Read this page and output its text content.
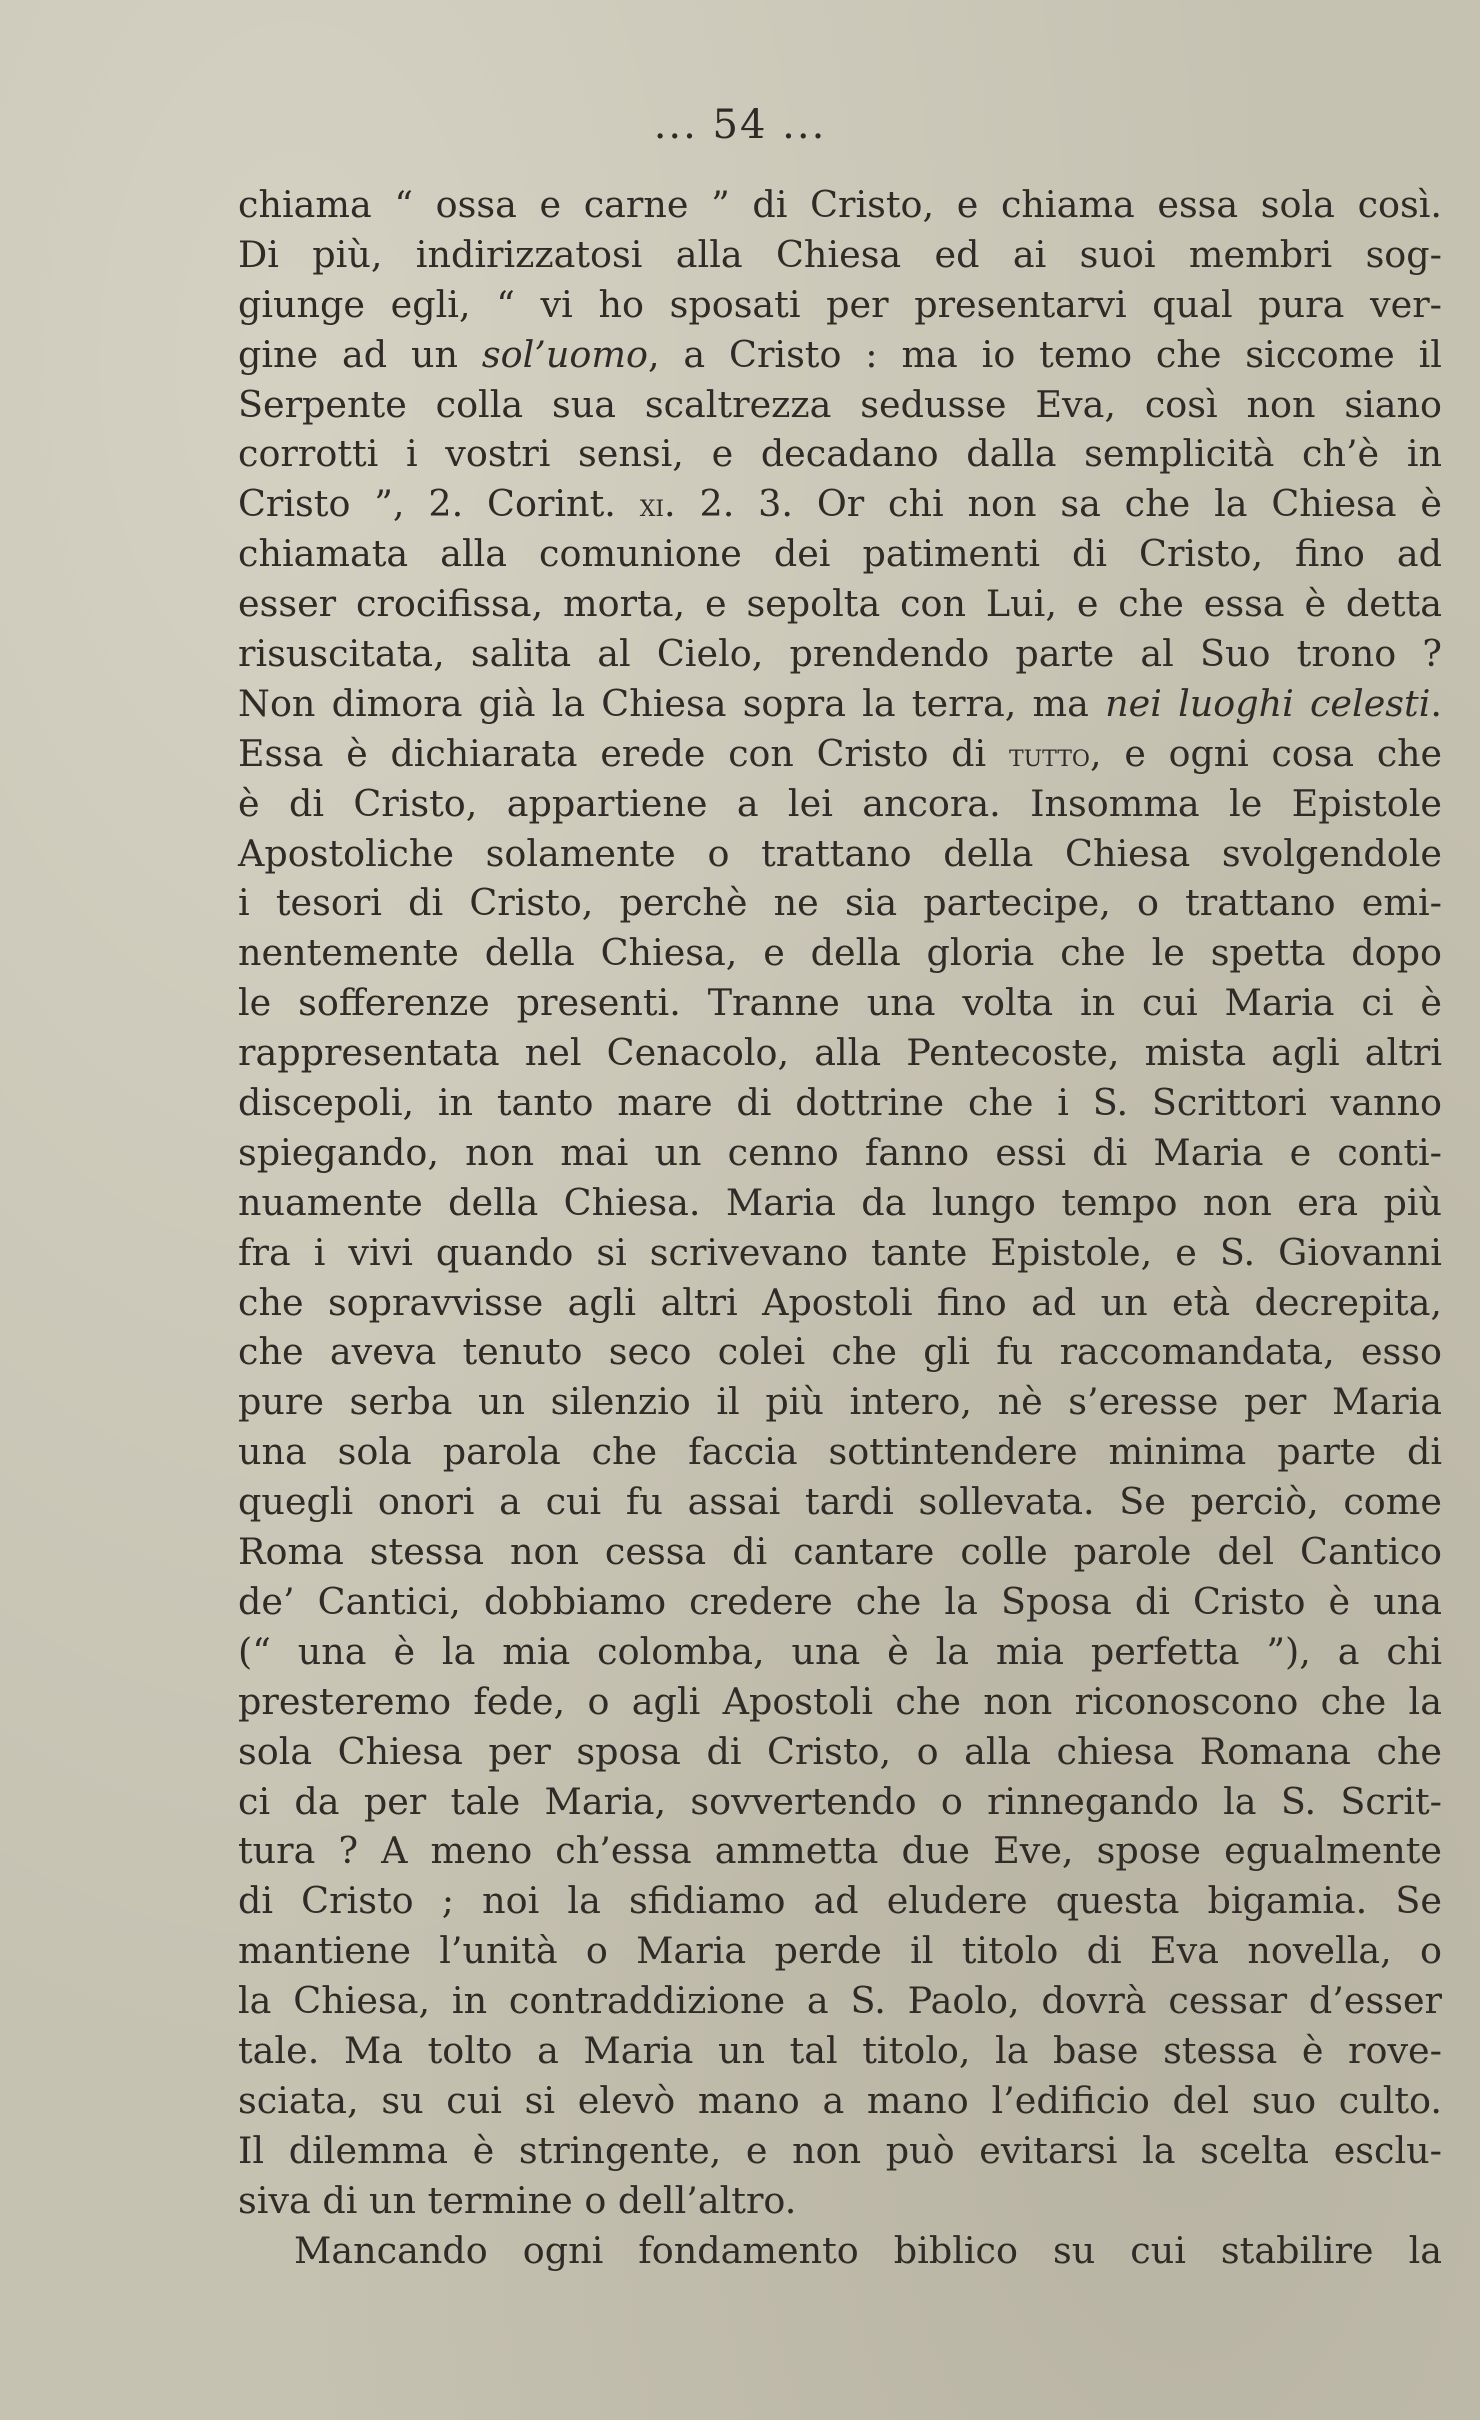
... 54 ...
chiama “ ossa e carne ” di Cristo, e chiama essa sola così.
Di più, indirizzatosi alla Chiesa ed ai suoi membri sog-
giunge egli, “ vi ho sposati per presentarvi qual pura ver-
gine ad un sol’uomo, a Cristo : ma io temo che siccome il
Serpente colla sua scaltrezza sedusse Eva, così non siano
corrotti i vostri sensi, e decadano dalla semplicità ch’è in
Cristo ”, 2. Corint. xi. 2. 3. Or chi non sa che la Chiesa è
chiamata alla comunione dei patimenti di Cristo, fino ad
esser crocifissa, morta, e sepolta con Lui, e che essa è detta
risuscitata, salita al Cielo, prendendo parte al Suo trono ?
Non dimora già la Chiesa sopra la terra, ma nei luoghi celesti.
Essa è dichiarata erede con Cristo di tutto, e ogni cosa che
è di Cristo, appartiene a lei ancora. Insomma le Epistole
Apostoliche solamente o trattano della Chiesa svolgendole
i tesori di Cristo, perchè ne sia partecipe, o trattano emi-
nentemente della Chiesa, e della gloria che le spetta dopo
le sofferenze presenti. Tranne una volta in cui Maria ci è
rappresentata nel Cenacolo, alla Pentecoste, mista agli altri
discepoli, in tanto mare di dottrine che i S. Scrittori vanno
spiegando, non mai un cenno fanno essi di Maria e conti-
nuamente della Chiesa. Maria da lungo tempo non era più
fra i vivi quando si scrivevano tante Epistole, e S. Giovanni
che sopravvisse agli altri Apostoli fino ad un età decrepita,
che aveva tenuto seco colei che gli fu raccomandata, esso
pure serba un silenzio il più intero, nè s’eresse per Maria
una sola parola che faccia sottintendere minima parte di
quegli onori a cui fu assai tardi sollevata. Se perciò, come
Roma stessa non cessa di cantare colle parole del Cantico
de’ Cantici, dobbiamo credere che la Sposa di Cristo è una
(“ una è la mia colomba, una è la mia perfetta ”), a chi
presteremo fede, o agli Apostoli che non riconoscono che la
sola Chiesa per sposa di Cristo, o alla chiesa Romana che
ci da per tale Maria, sovvertendo o rinnegando la S. Scrit-
tura ? A meno ch’essa ammetta due Eve, spose egualmente
di Cristo ; noi la sfidiamo ad eludere questa bigamia. Se
mantiene l’unità o Maria perde il titolo di Eva novella, o
la Chiesa, in contraddizione a S. Paolo, dovrà cessar d’esser
tale. Ma tolto a Maria un tal titolo, la base stessa è rove-
sciata, su cui si elevò mano a mano l’edificio del suo culto.
Il dilemma è stringente, e non può evitarsi la scelta esclu-
siva di un termine o dell’altro.
Mancando ogni fondamento biblico su cui stabilire la
